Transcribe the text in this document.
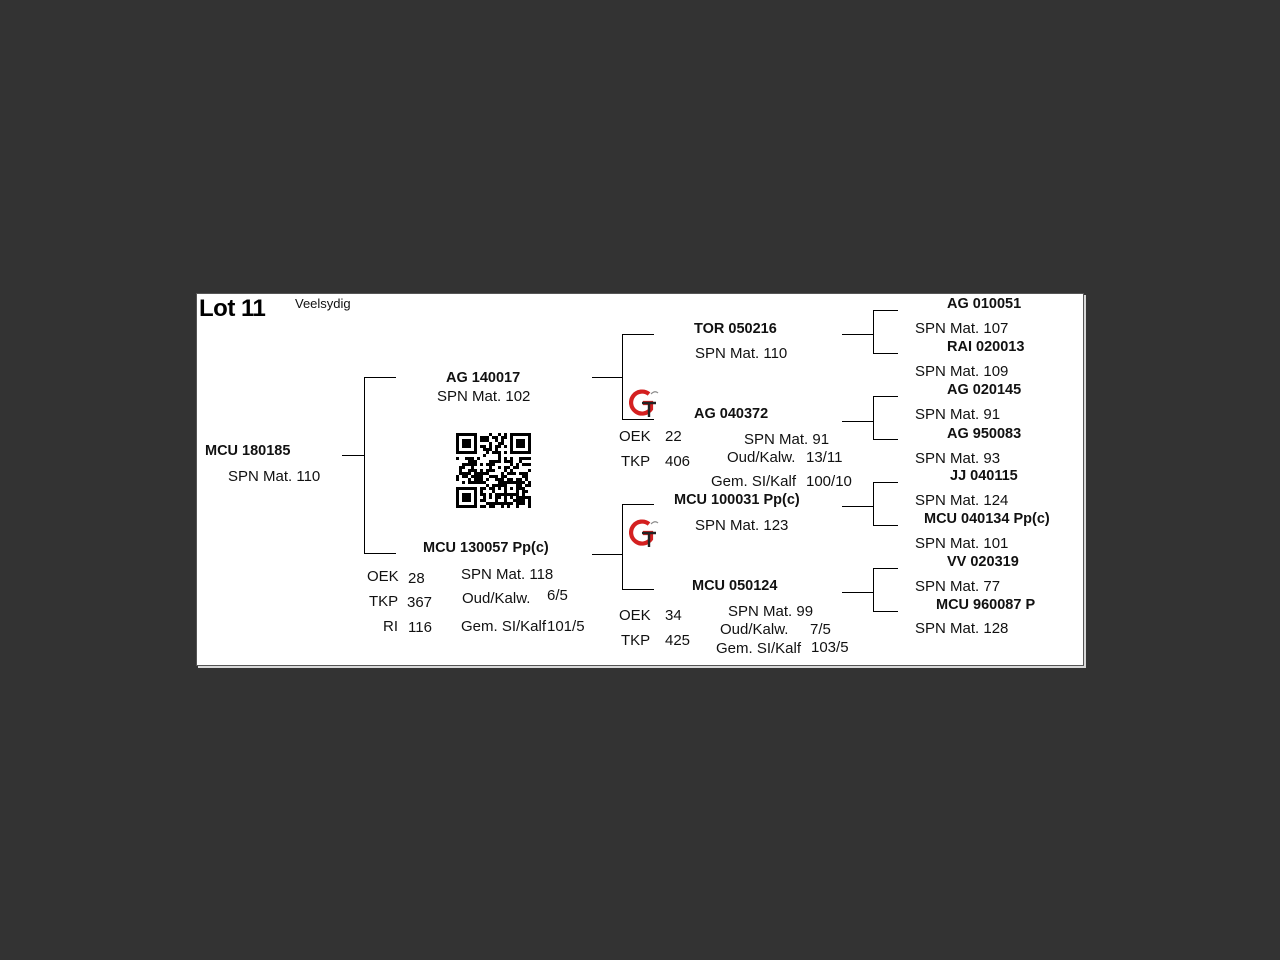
Lot 11 Veelsydig
MCU 180185
SPN Mat. 110
AG 140017
SPN Mat. 102
MCU 130057 Pp(c)
OEK 28
TKP 367
RI 116
SPN Mat. 118
Oud/Kalw. 6/5
Gem. SI/Kalf 101/5
TOR 050216
SPN Mat. 110
AG 040372
OEK 22
TKP 406
SPN Mat. 91
Oud/Kalw. 13/11
Gem. SI/Kalf 100/10
MCU 100031 Pp(c)
SPN Mat. 123
MCU 050124
OEK 34
TKP 425
SPN Mat. 99
Oud/Kalw. 7/5
Gem. SI/Kalf 103/5
AG 010051
SPN Mat. 107
RAI 020013
SPN Mat. 109
AG 020145
SPN Mat. 91
AG 950083
SPN Mat. 93
JJ 040115
SPN Mat. 124
MCU 040134 Pp(c)
SPN Mat. 101
VV 020319
SPN Mat. 77
MCU 960087 P
SPN Mat. 128
